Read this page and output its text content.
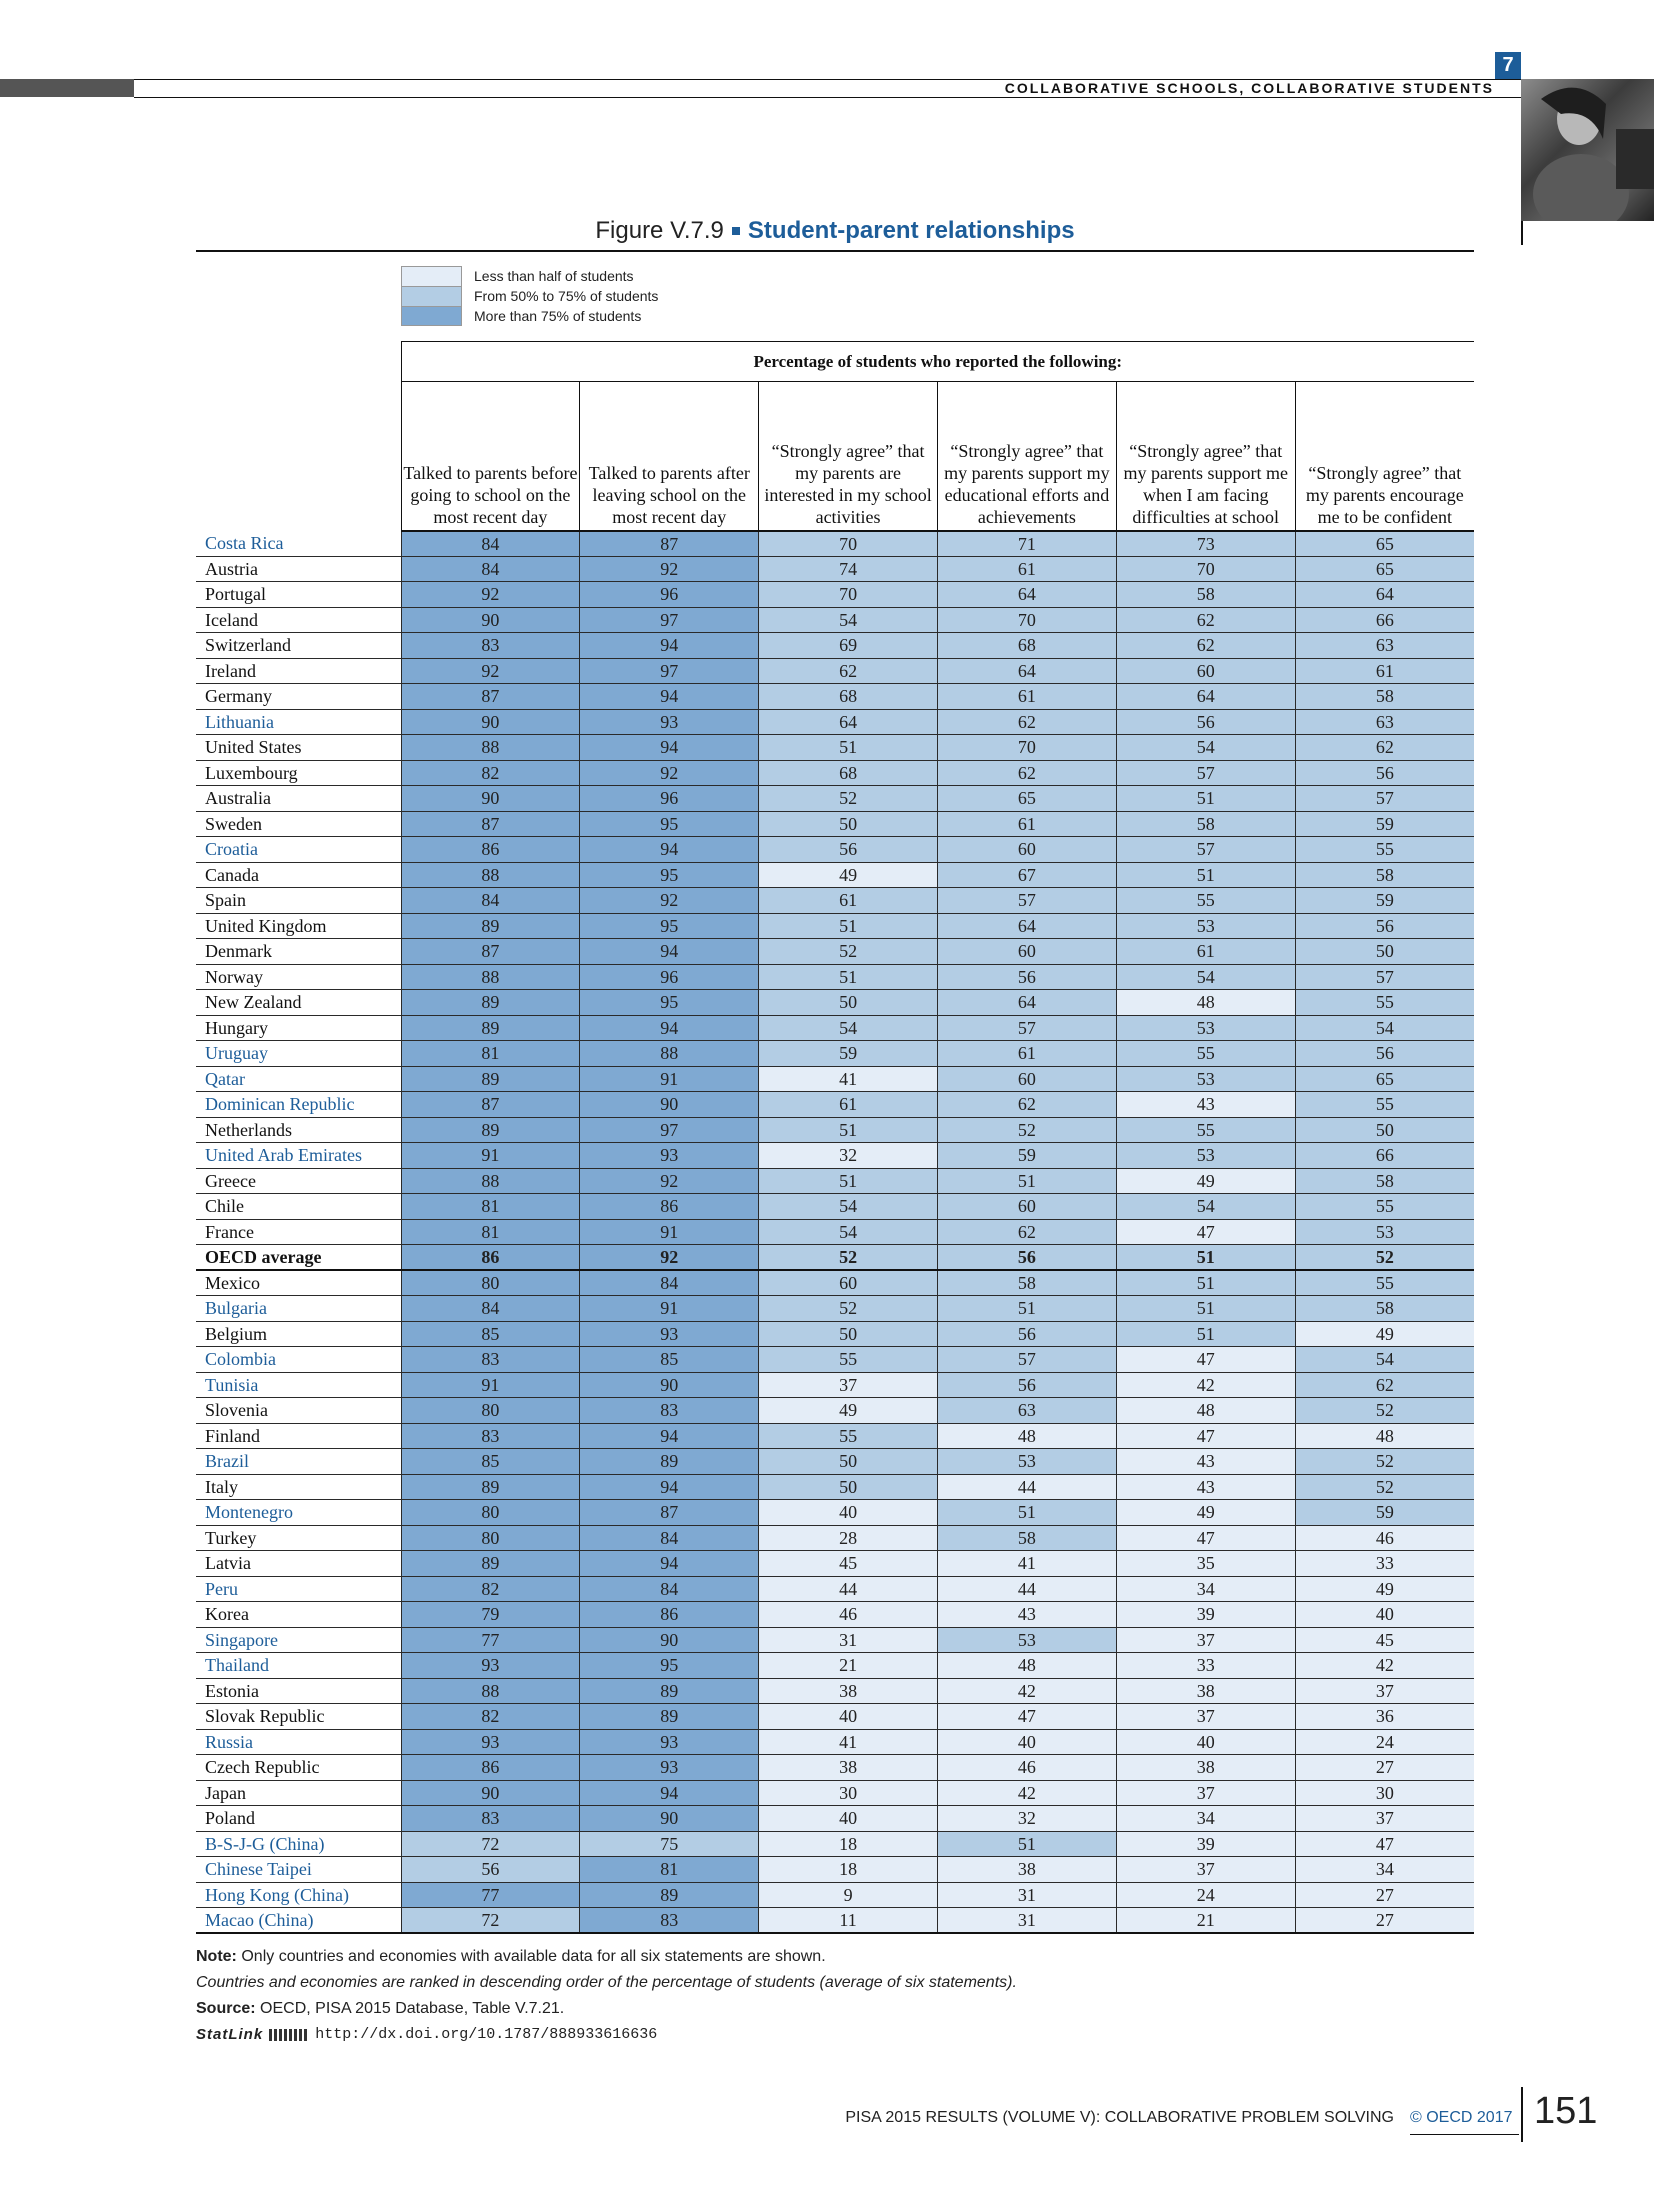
COLLABORATIVE SCHOOLS, COLLABORATIVE STUDENTS
7
Figure V.7.9 Student-parent relationships
Less than half of students
From 50% to 75% of students
More than 75% of students
	Percentage of students who reported the following:					
	Talked to parents before going to school on the most recent day	Talked to parents after leaving school on the most recent day	“Strongly agree” that my parents are interested in my school activities	“Strongly agree” that my parents support my educational efforts and achievements	“Strongly agree” that my parents support me when I am facing difficulties at school	“Strongly agree” that my parents encourage me to be confident
Costa Rica	84	87	70	71	73	65
Austria	84	92	74	61	70	65
Portugal	92	96	70	64	58	64
Iceland	90	97	54	70	62	66
Switzerland	83	94	69	68	62	63
Ireland	92	97	62	64	60	61
Germany	87	94	68	61	64	58
Lithuania	90	93	64	62	56	63
United States	88	94	51	70	54	62
Luxembourg	82	92	68	62	57	56
Australia	90	96	52	65	51	57
Sweden	87	95	50	61	58	59
Croatia	86	94	56	60	57	55
Canada	88	95	49	67	51	58
Spain	84	92	61	57	55	59
United Kingdom	89	95	51	64	53	56
Denmark	87	94	52	60	61	50
Norway	88	96	51	56	54	57
New Zealand	89	95	50	64	48	55
Hungary	89	94	54	57	53	54
Uruguay	81	88	59	61	55	56
Qatar	89	91	41	60	53	65
Dominican Republic	87	90	61	62	43	55
Netherlands	89	97	51	52	55	50
United Arab Emirates	91	93	32	59	53	66
Greece	88	92	51	51	49	58
Chile	81	86	54	60	54	55
France	81	91	54	62	47	53
OECD average	86	92	52	56	51	52
Mexico	80	84	60	58	51	55
Bulgaria	84	91	52	51	51	58
Belgium	85	93	50	56	51	49
Colombia	83	85	55	57	47	54
Tunisia	91	90	37	56	42	62
Slovenia	80	83	49	63	48	52
Finland	83	94	55	48	47	48
Brazil	85	89	50	53	43	52
Italy	89	94	50	44	43	52
Montenegro	80	87	40	51	49	59
Turkey	80	84	28	58	47	46
Latvia	89	94	45	41	35	33
Peru	82	84	44	44	34	49
Korea	79	86	46	43	39	40
Singapore	77	90	31	53	37	45
Thailand	93	95	21	48	33	42
Estonia	88	89	38	42	38	37
Slovak Republic	82	89	40	47	37	36
Russia	93	93	41	40	40	24
Czech Republic	86	93	38	46	38	27
Japan	90	94	30	42	37	30
Poland	83	90	40	32	34	37
B-S-J-G (China)	72	75	18	51	39	47
Chinese Taipei	56	81	18	38	37	34
Hong Kong (China)	77	89	9	31	24	27
Macao (China)	72	83	11	31	21	27
Note: Only countries and economies with available data for all six statements are shown.
Countries and economies are ranked in descending order of the percentage of students (average of six statements).
Source: OECD, PISA 2015 Database, Table V.7.21.
StatLink	http://dx.doi.org/10.1787/888933616636
PISA 2015 RESULTS (VOLUME V): COLLABORATIVE PROBLEM SOLVING © OECD 2017 151
